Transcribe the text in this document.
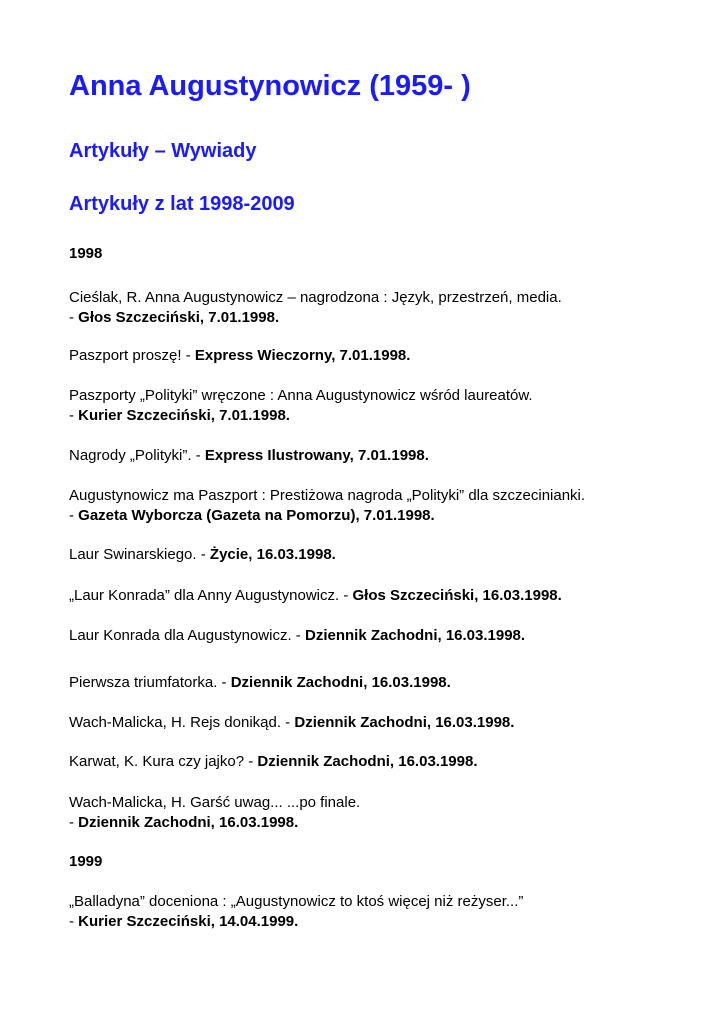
Anna Augustynowicz (1959- )
Artykuły – Wywiady
Artykuły z lat 1998-2009
1998
Cieślak, R. Anna Augustynowicz – nagrodzona : Język, przestrzeń, media.
- Głos Szczeciński, 7.01.1998.
Paszport proszę! - Express Wieczorny, 7.01.1998.
Paszporty „Polityki” wręczone : Anna Augustynowicz wśród laureatów.
- Kurier Szczeciński, 7.01.1998.
Nagrody „Polityki”. - Express Ilustrowany, 7.01.1998.
Augustynowicz ma Paszport : Prestiżowa nagroda „Polityki” dla szczecinianki.
- Gazeta Wyborcza (Gazeta na Pomorzu), 7.01.1998.
Laur Swinarskiego. - Życie, 16.03.1998.
„Laur Konrada” dla Anny Augustynowicz. - Głos Szczeciński, 16.03.1998.
Laur Konrada dla Augustynowicz. - Dziennik Zachodni, 16.03.1998.
Pierwsza triumfatorka. - Dziennik Zachodni, 16.03.1998.
Wach-Malicka, H. Rejs donikąd. - Dziennik Zachodni, 16.03.1998.
Karwat, K. Kura czy jajko? - Dziennik Zachodni, 16.03.1998.
Wach-Malicka, H. Garść uwag... ...po finale.
- Dziennik Zachodni, 16.03.1998.
1999
„Balladyna” doceniona : „Augustynowicz to ktoś więcej niż reżyser...”
- Kurier Szczeciński, 14.04.1999.
